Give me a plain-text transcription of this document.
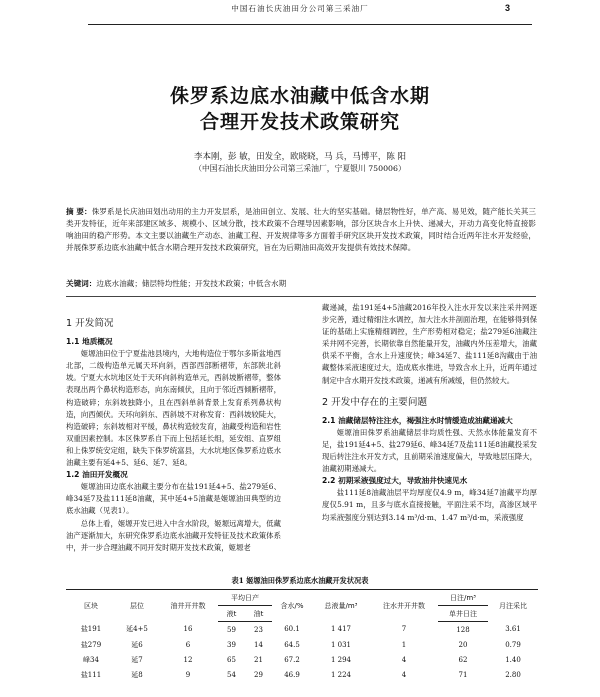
中国石油长庆油田分公司第三采油厂	3
侏罗系边底水油藏中低含水期
合理开发技术政策研究
李本刚，彭 敏，田发全，欧晓晓，马 兵，马博平，陈 阳
（中国石油长庆油田分公司第三采油厂，宁夏银川 750006）
摘 要：侏罗系是长庆油田划出动用的主力开发层系，是油田创立、发展、壮大的坚实基础。储层物性好，单产高、易见效，随产能长关其三类开发特征，近年来部建区域多、规模小、区域分散，技术政策不合理导因素影响，部分区块含水上升快、递减大，开动力高变化特直接影响油田的稳产形势。本文主要以油藏生产动态、油藏工程、开发规律等多方面着手研究区块开发技术政策，同时结合近两年注水开发经验，并展侏罗系边底水油藏中低含水期合理开发技术政策研究，旨在为后期油田高效开发提供有效技术保障。
关键词：边底水油藏；储层特均性能；开发技术政策；中低含水期
1 开发简况
1.1 地质概况

姬塬油田位于宁夏盐池县境内，大地构造位于鄂尔多斯盆地西北部，二级构造单元属天环向斜，西部西部断褶带，东部陕北斜坡。宁夏大水坑地区处于天环向斜构造单元，西斜坡断褶带，整体表现出两个鼻状构造形态，向东南倾伏，且向于邻近西倾断褶带，构造破碎；东斜坡独降小，且在西斜单斜背景上发育系列鼻状构造，向西倾伏。天环向斜东、西斜坡不对称发育：西斜坡较陡大，构造破碎；东斜坡相对平缓，鼻状构造较发育，油藏受构造和岩性双重因素控制。本区侏罗系自下而上包括延长组，延安组、直罗组和上侏罗统安定组，缺失下侏罗统富县，大水坑地区侏罗系边底水油藏主要有延4+5、延6、延7、延8。

1.2 油田开发概况

姬塬油田边底水油藏主要分布在盐191延4+5、盐279延6、峰34延7及盐111延8油藏，其中延4+5油藏是姬塬油田典型的边底水油藏（见表1）。

总体上看，姬塬开发已进入中含水阶段，姬塬远离增大，低藏油产逐渐加大，东研究侏罗系边底水油藏开发特征及技术政策体系中，并一步合理油藏不同开发时期开发技术政策，姬塬老

藏递减，盐191延4+5油藏2016年投入注水开发以来注采井网逐步完善，通过精细注水调控，加大注水井剖面治理，在能够得到保证的基础上实施精细调控，生产形势相对稳定；盐279延6油藏注采井网不完善，长期依靠自然能量开发，油藏内外压差增大，油藏供采不平衡，含水上升速度快；峰34延7、盐111延8沟藏由于油藏整体采液速度过大，造成底水推进，导致含水上升，近两年通过制定中含水期开发技术政策，递减有所减缓，但仍然较大。

2 开发中存在的主要问题
2.1 油藏储层特注注水，褐强注水时情缓造成油藏递减大

姬塬油田侏罗系油藏储层非均质性强、天然水体能量发育不足，盐191延4+5、盐279延6、峰34延7及盐111延8油藏投采发现后转注注水开发方式，且前期采油速度偏大，导致地层压降大，油藏初期递减大。

2.2 初期采液强度过大，导致油井快速见水

盐111延8油藏油层平均厚度仅4.9 m，峰34延7油藏平均厚度仅5.91 m，且多与底水直接接触，平面注采不均，高渗区域平均采液强度分别达到3.14 m³/d·m、1.47 m³/d·m，采液强度

表1 姬塬油田侏罗系边底水油藏开发状况表
区块	层位	油井开井数	平均日产		含水/%	总液量/m³	注水井开井数	日注/m³	月注采比
			液t	油t				单井日注	
盐191	延4+5	16	59	23	60.1	1 417	7	128	3.61
盐279	延6	6	39	14	64.5	1 031	1	20	0.79
峰34	延7	12	65	21	67.2	1 294	4	62	1.40
盐111	延8	9	54	29	46.9	1 224	4	71	2.80
